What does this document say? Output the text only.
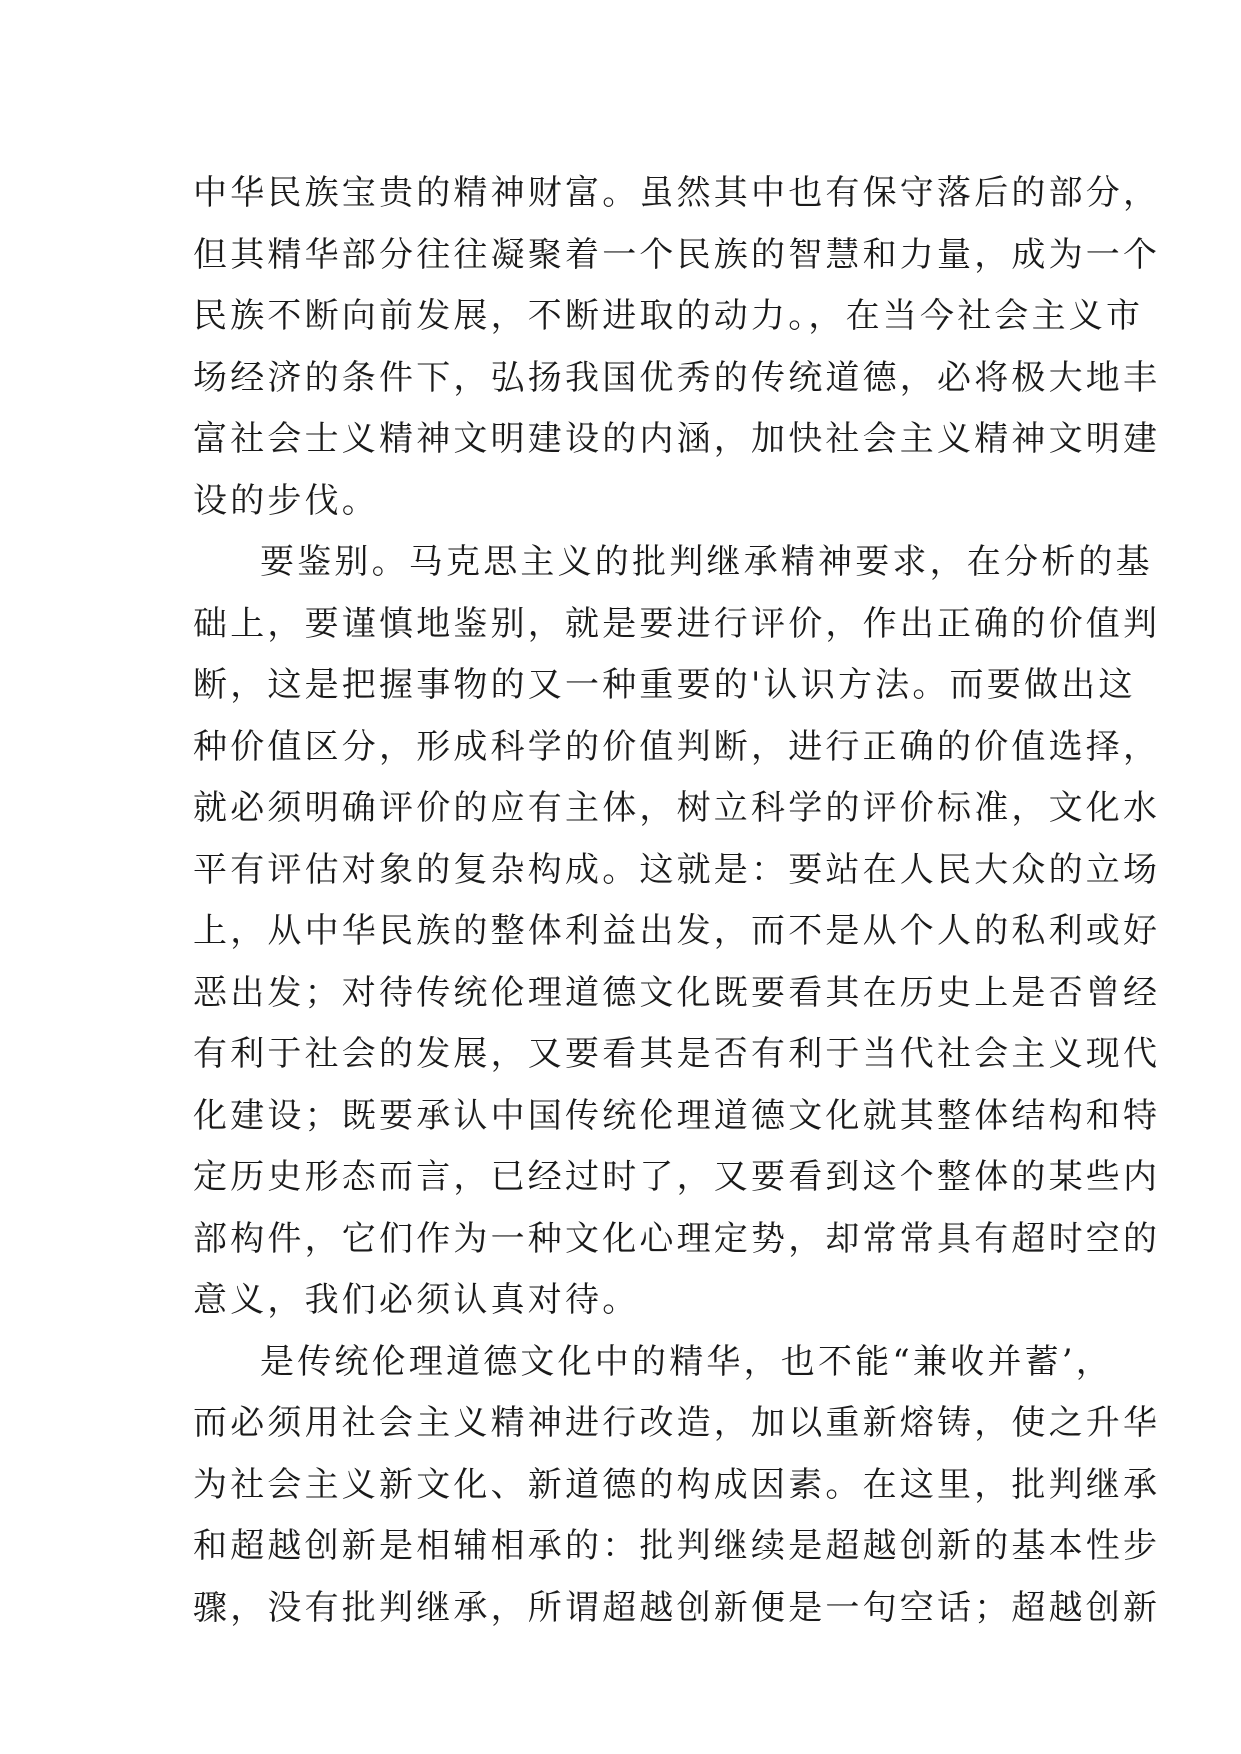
中华民族宝贵的精神财富。虽然其中也有保守落后的部分，
但其精华部分往往凝聚着一个民族的智慧和力量，成为一个
民族不断向前发展，不断进取的动力。，在当今社会主义市
场经济的条件下，弘扬我国优秀的传统道德，必将极大地丰
富社会士义精神文明建设的内涵，加快社会主义精神文明建
设的步伐。
要鉴别。马克思主义的批判继承精神要求，在分析的基
础上，要谨慎地鉴别，就是要进行评价，作出正确的价值判
断，这是把握事物的又一种重要的'认识方法。而要做出这
种价值区分，形成科学的价值判断，进行正确的价值选择，
就必须明确评价的应有主体，树立科学的评价标准，文化水
平有评估对象的复杂构成。这就是：要站在人民大众的立场
上，从中华民族的整体利益出发，而不是从个人的私利或好
恶出发；对待传统伦理道德文化既要看其在历史上是否曾经
有利于社会的发展，又要看其是否有利于当代社会主义现代
化建设；既要承认中国传统伦理道德文化就其整体结构和特
定历史形态而言，已经过时了，又要看到这个整体的某些内
部构件，它们作为一种文化心理定势，却常常具有超时空的
意义，我们必须认真对待。
是传统伦理道德文化中的精华，也不能“兼收并蓄’，
而必须用社会主义精神进行改造，加以重新熔铸，使之升华
为社会主义新文化、新道德的构成因素。在这里，批判继承
和超越创新是相辅相承的：批判继续是超越创新的基本性步
骤，没有批判继承，所谓超越创新便是一句空话；超越创新
